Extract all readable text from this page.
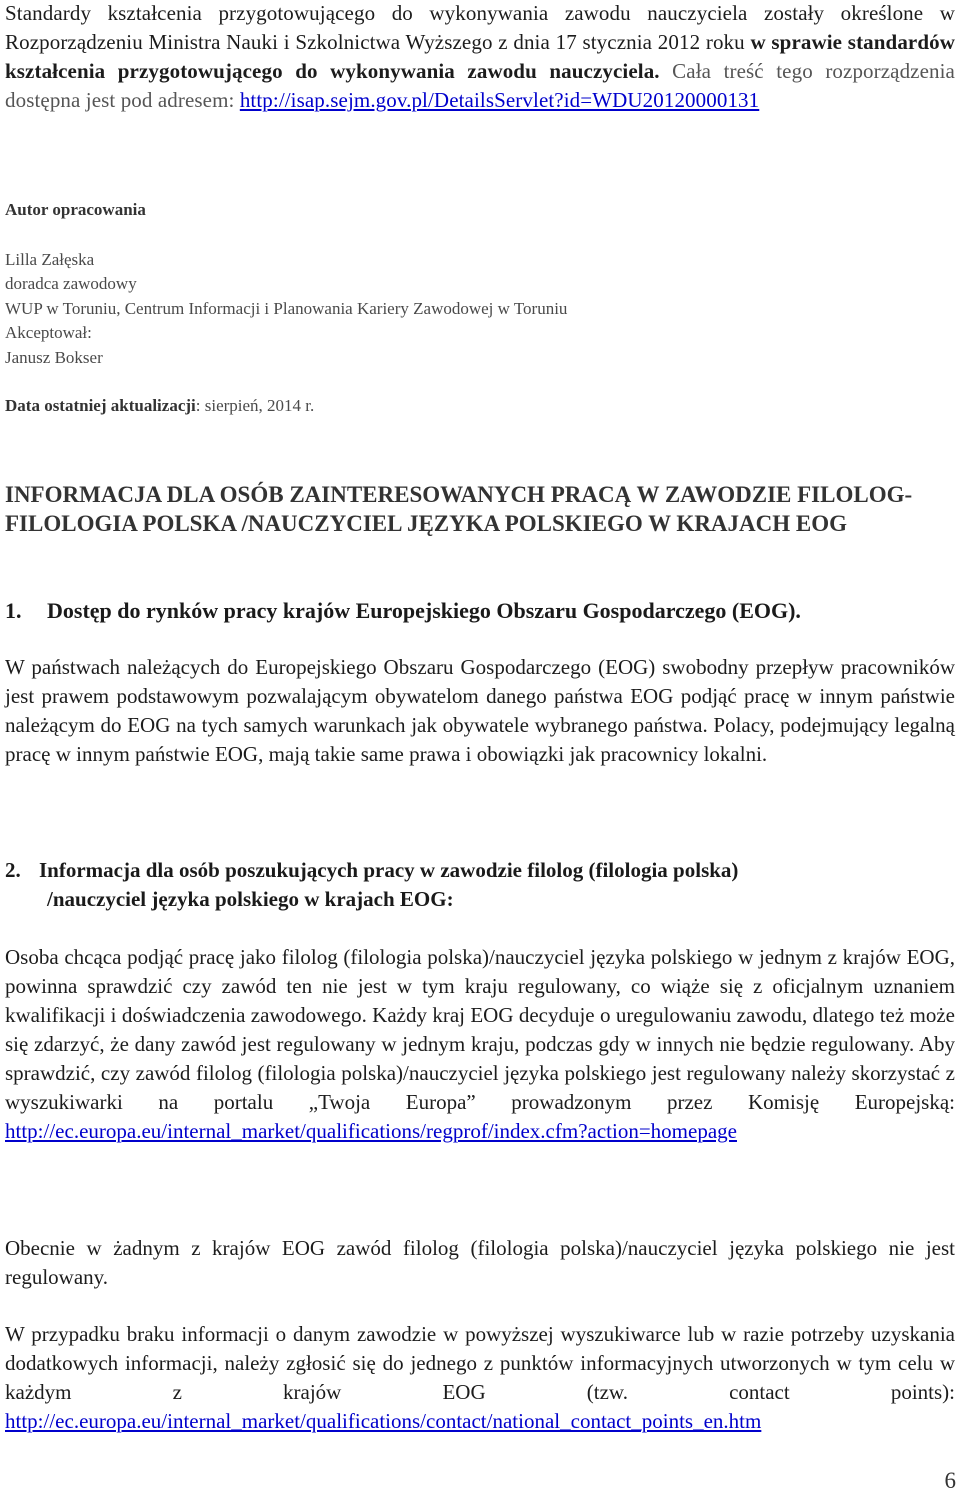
Standardy kształcenia przygotowującego do wykonywania zawodu nauczyciela zostały określone w Rozporządzeniu Ministra Nauki i Szkolnictwa Wyższego z dnia 17 stycznia 2012 roku w sprawie standardów kształcenia przygotowującego do wykonywania zawodu nauczyciela. Cała treść tego rozporządzenia dostępna jest pod adresem: http://isap.sejm.gov.pl/DetailsServlet?id=WDU20120000131

Autor opracowania
Lilla Załęska
doradca zawodowy
WUP w Toruniu, Centrum Informacji i Planowania Kariery Zawodowej w Toruniu
Akceptował:
Janusz Bokser
Data ostatniej aktualizacji: sierpień, 2014 r.
INFORMACJA DLA OSÓB ZAINTERESOWANYCH PRACĄ W ZAWODZIE FILOLOG-FILOLOGIA POLSKA /NAUCZYCIEL JĘZYKA POLSKIEGO W KRAJACH EOG
1. Dostęp do rynków pracy krajów Europejskiego Obszaru Gospodarczego (EOG).

W państwach należących do Europejskiego Obszaru Gospodarczego (EOG) swobodny przepływ pracowników jest prawem podstawowym pozwalającym obywatelom danego państwa EOG podjąć pracę w innym państwie należącym do EOG na tych samych warunkach jak obywatele wybranego państwa. Polacy, podejmujący legalną pracę w innym państwie EOG, mają takie same prawa i obowiązki jak pracownicy lokalni.

2. Informacja dla osób poszukujących pracy w zawodzie filolog (filologia polska)
/nauczyciel języka polskiego w krajach EOG:

Osoba chcąca podjąć pracę jako filolog (filologia polska)/nauczyciel języka polskiego w jednym z krajów EOG, powinna sprawdzić czy zawód ten nie jest w tym kraju regulowany, co wiąże się z oficjalnym uznaniem kwalifikacji i doświadczenia zawodowego. Każdy kraj EOG decyduje o uregulowaniu zawodu, dlatego też może się zdarzyć, że dany zawód jest regulowany w jednym kraju, podczas gdy w innych nie będzie regulowany. Aby sprawdzić, czy zawód filolog (filologia polska)/nauczyciel języka polskiego jest regulowany należy skorzystać z wyszukiwarki na portalu „Twoja Europa” prowadzonym przez Komisję Europejską: http://ec.europa.eu/internal_market/qualifications/regprof/index.cfm?action=homepage

Obecnie w żadnym z krajów EOG zawód filolog (filologia polska)/nauczyciel języka polskiego nie jest regulowany.

W przypadku braku informacji o danym zawodzie w powyższej wyszukiwarce lub w razie potrzeby uzyskania dodatkowych informacji, należy zgłosić się do jednego z punktów informacyjnych utworzonych w tym celu w każdym z krajów EOG (tzw. contact points): http://ec.europa.eu/internal_market/qualifications/contact/national_contact_points_en.htm

6
